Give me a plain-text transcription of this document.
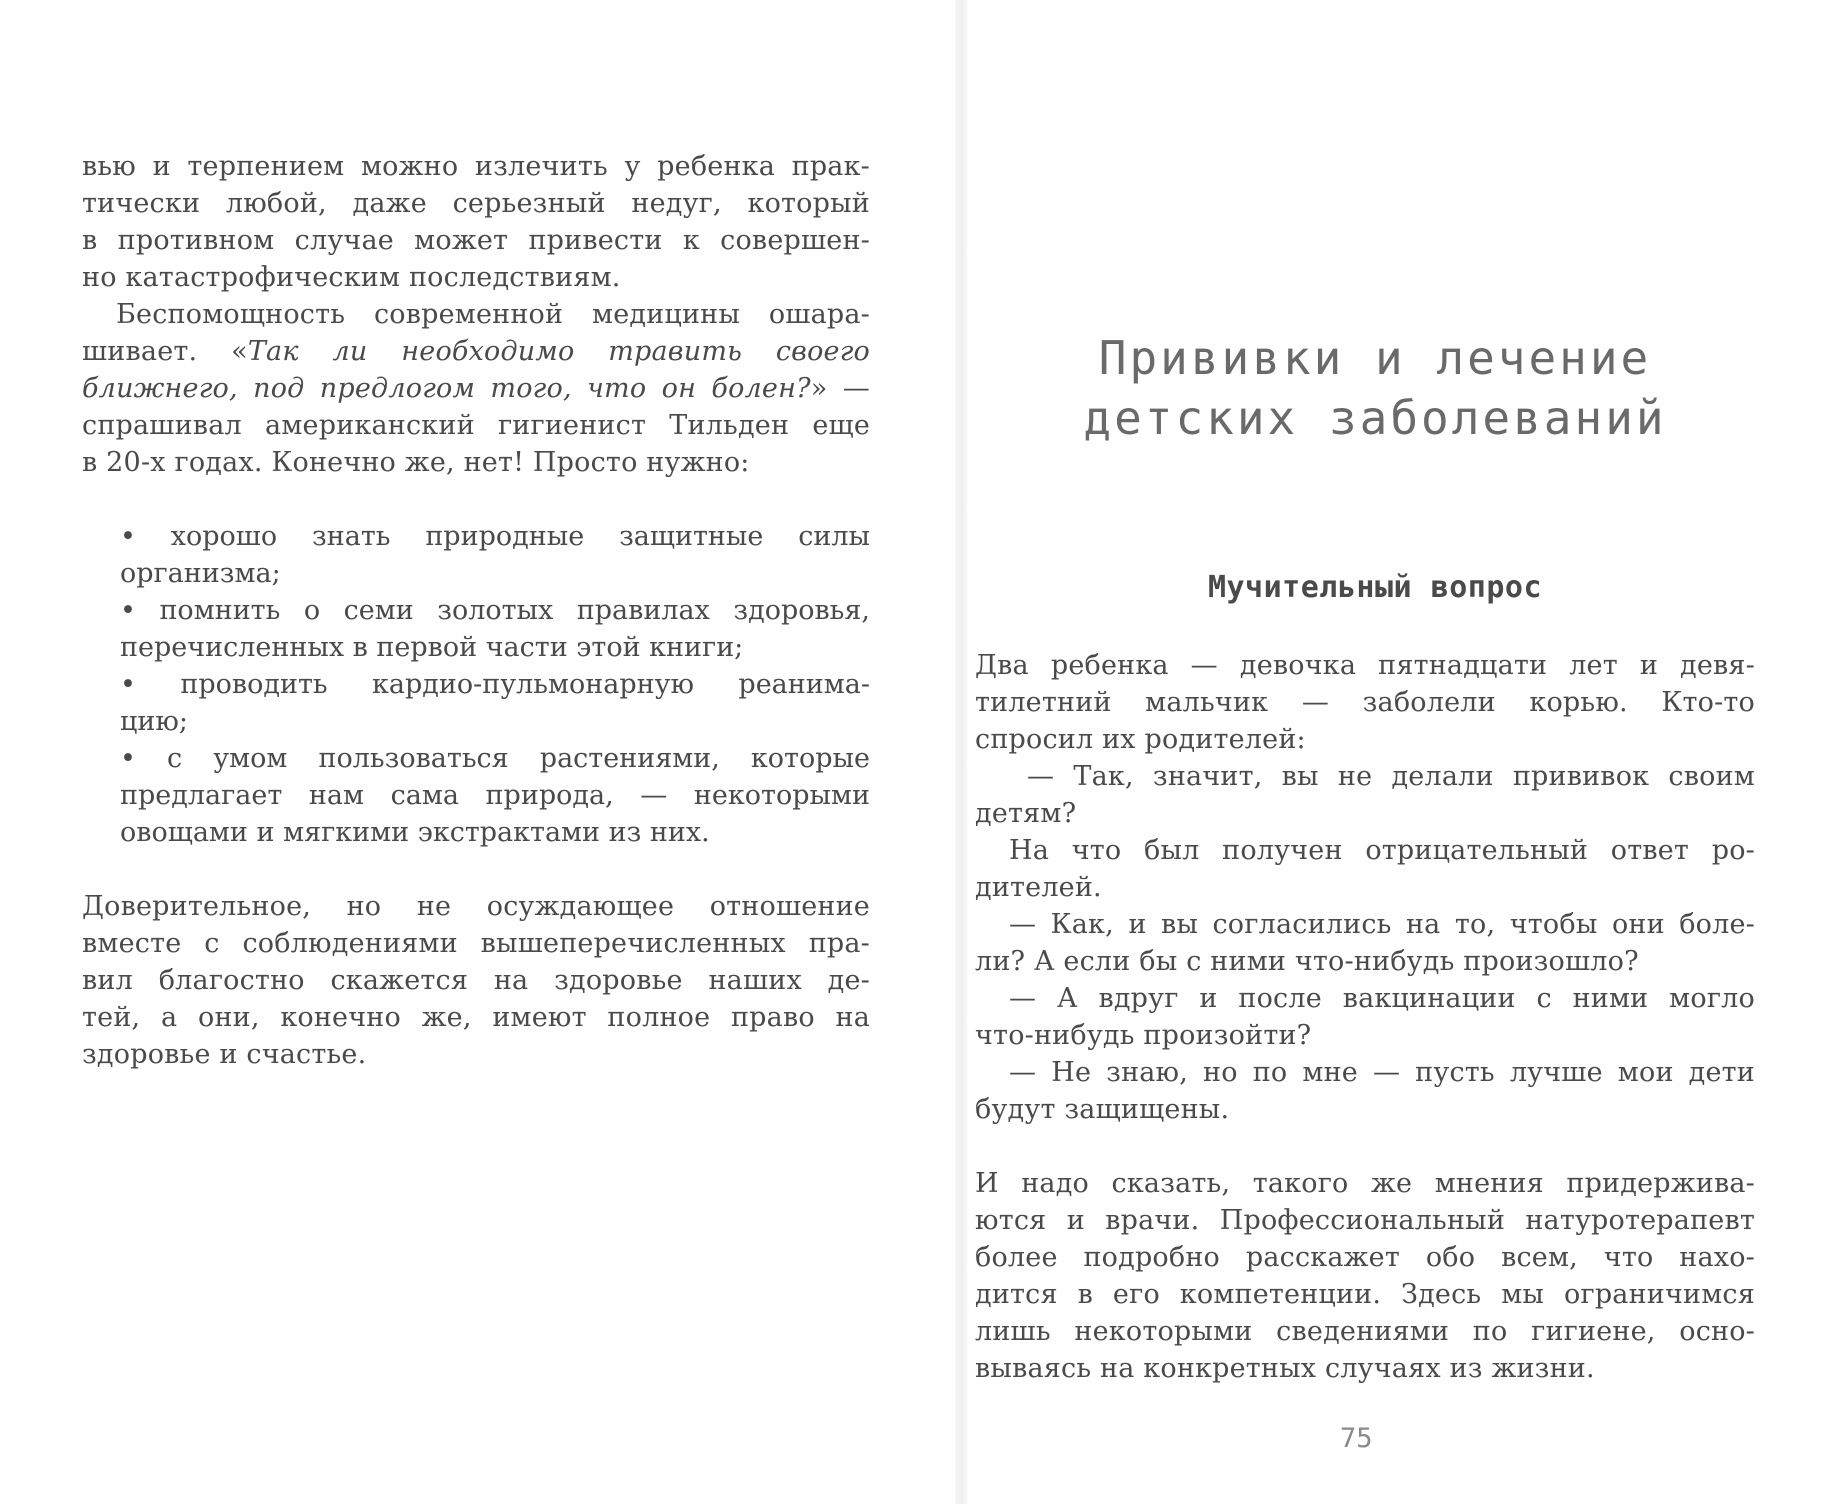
вью и терпением можно излечить у ребенка прак-
тически любой, даже серьезный недуг, который
в противном случае может привести к совершен-
но катастрофическим последствиям.
Беспомощность современной медицины ошара-
шивает. «Так ли необходимо травить своего
ближнего, под предлогом того, что он болен?» —
спрашивал американский гигиенист Тильден еще
в 20-х годах. Конечно же, нет! Просто нужно:
• хорошо знать природные защитные силы
организма;
• помнить о семи золотых правилах здоровья,
перечисленных в первой части этой книги;
• проводить кардио-пульмонарную реанима-
цию;
• с умом пользоваться растениями, которые
предлагает нам сама природа, — некоторыми
овощами и мягкими экстрактами из них.
Доверительное, но не осуждающее отношение
вместе с соблюдениями вышеперечисленных пра-
вил благостно скажется на здоровье наших де-
тей, а они, конечно же, имеют полное право на
здоровье и счастье.
Прививки и лечение
детских заболеваний
Мучительный вопрос
Два ребенка — девочка пятнадцати лет и девя-
тилетний мальчик — заболели корью. Кто-то
спросил их родителей:
— Так, значит, вы не делали прививок своим
детям?
На что был получен отрицательный ответ ро-
дителей.
— Как, и вы согласились на то, чтобы они боле-
ли? А если бы с ними что-нибудь произошло?
— А вдруг и после вакцинации с ними могло
что-нибудь произойти?
— Не знаю, но по мне — пусть лучше мои дети
будут защищены.
И надо сказать, такого же мнения придержива-
ются и врачи. Профессиональный натуротерапевт
более подробно расскажет обо всем, что нахо-
дится в его компетенции. Здесь мы ограничимся
лишь некоторыми сведениями по гигиене, осно-
вываясь на конкретных случаях из жизни.
75
